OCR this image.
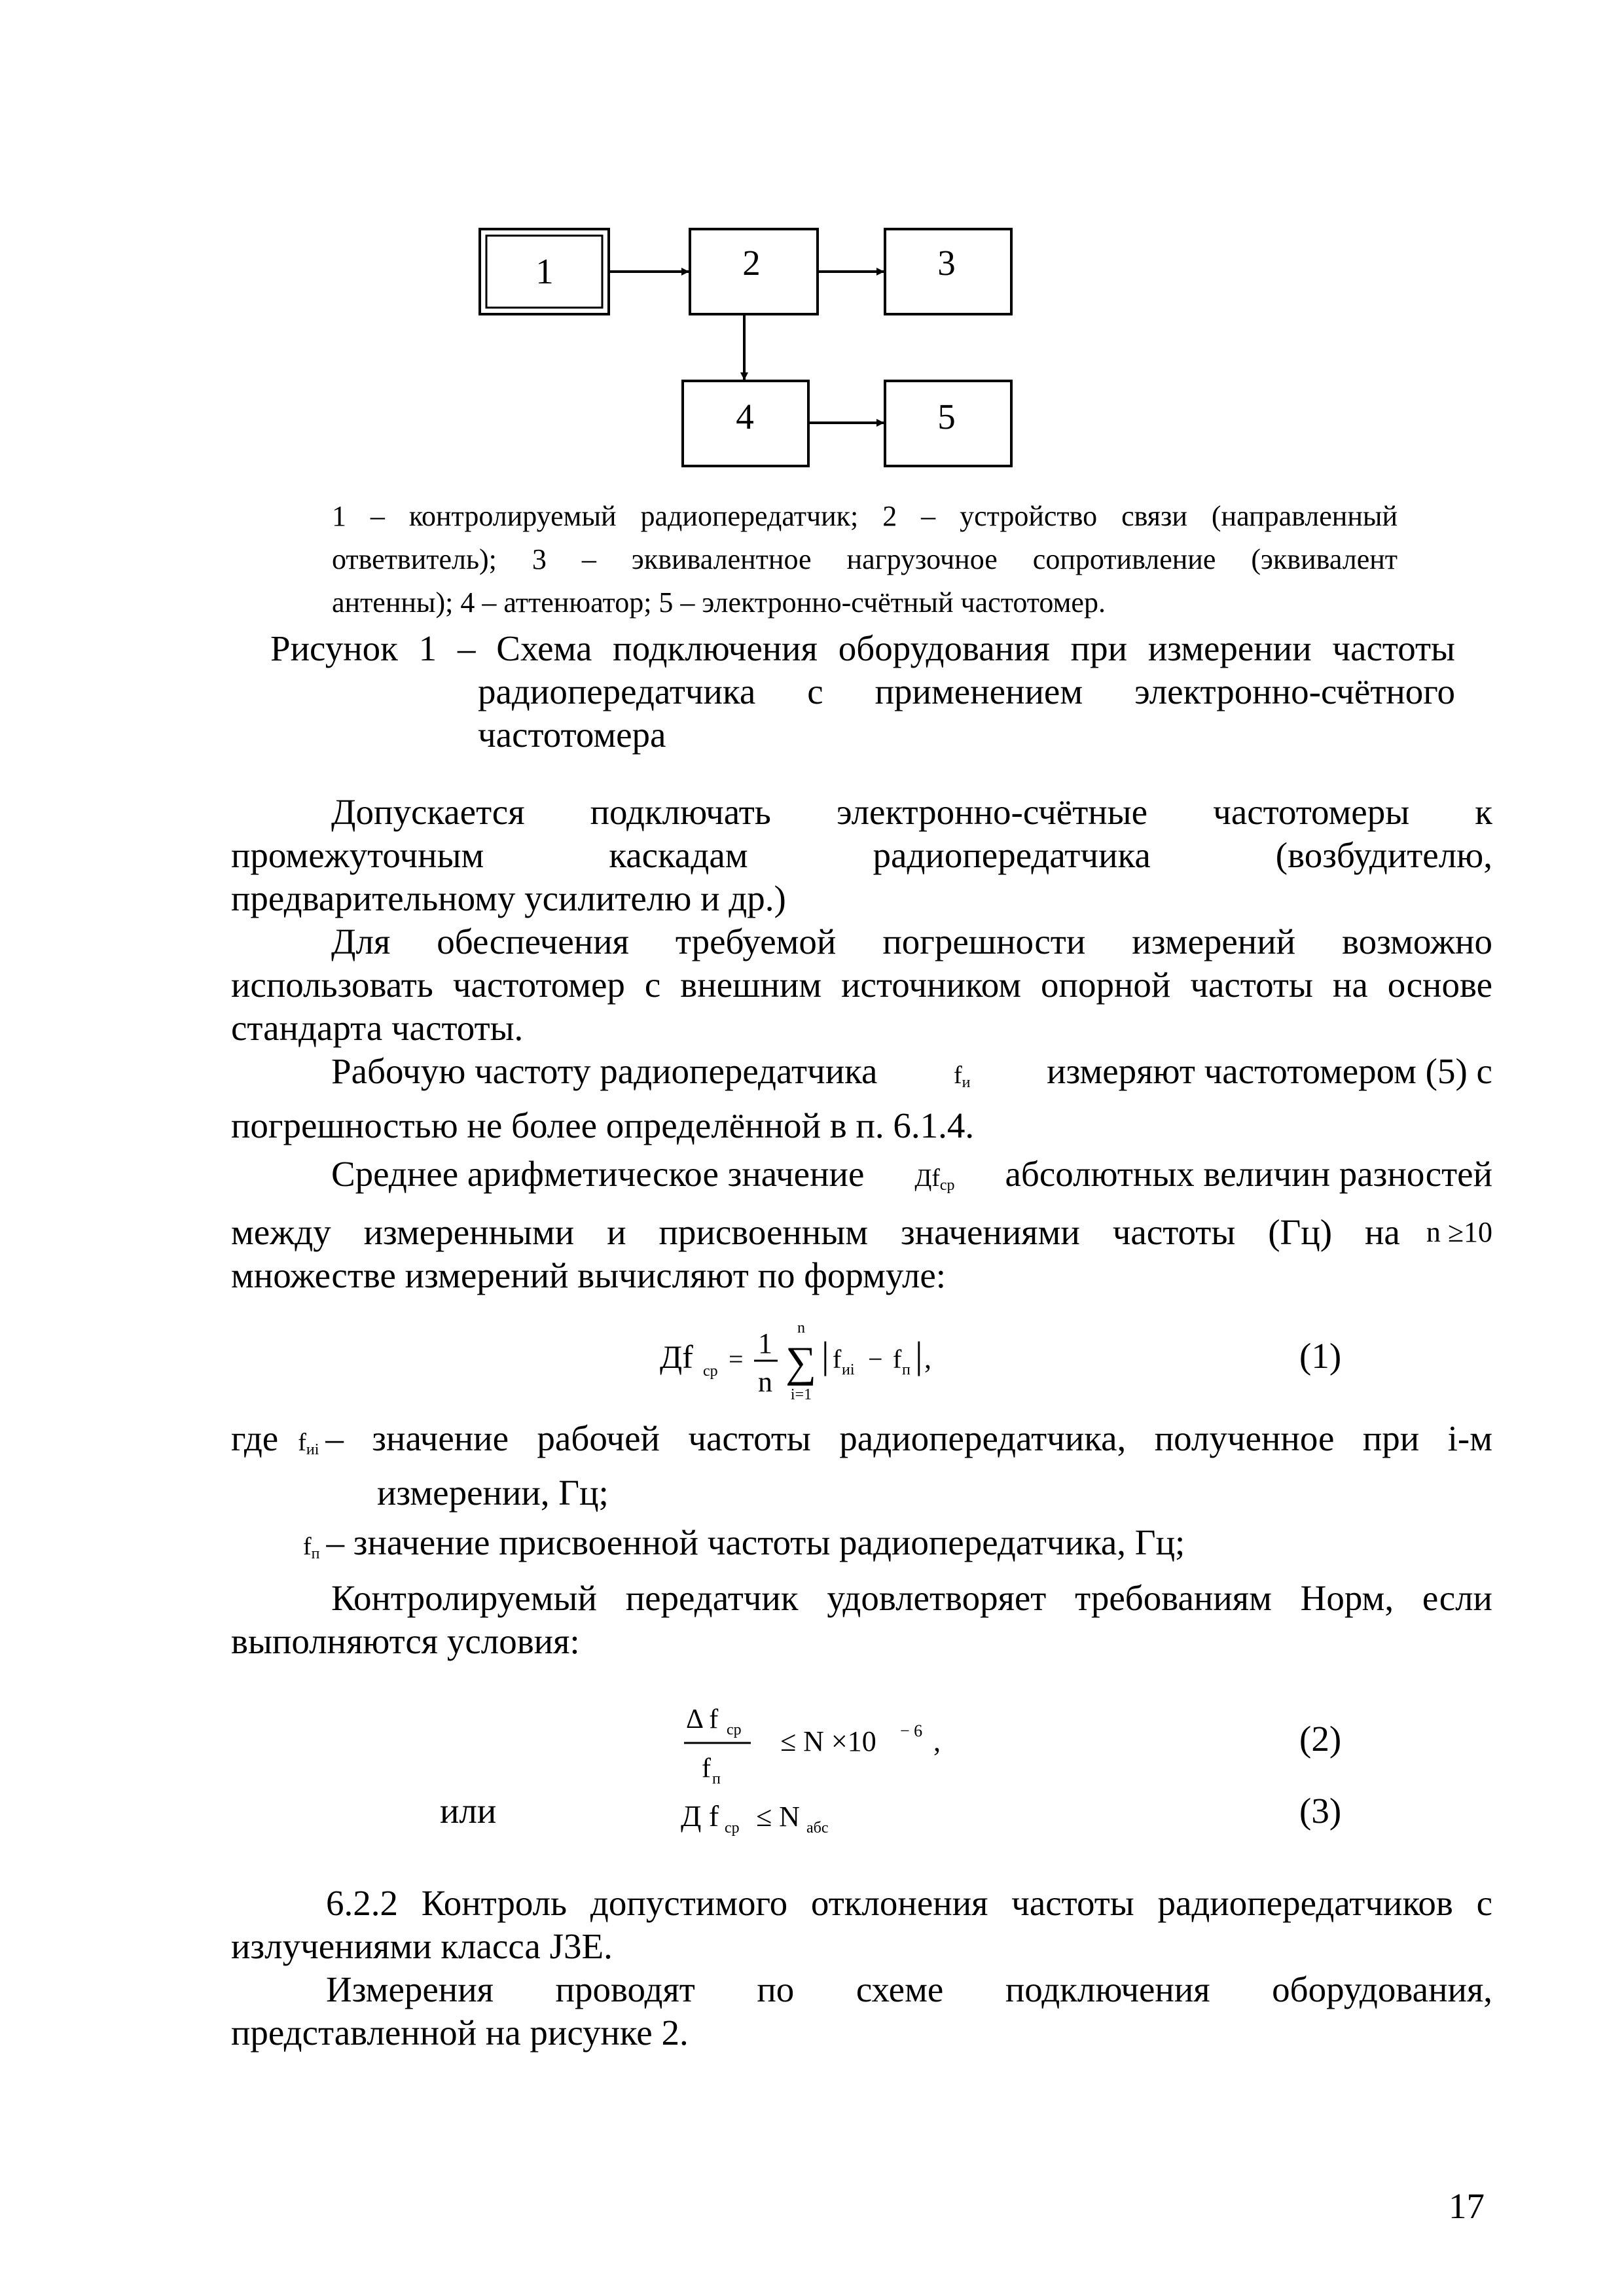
1	2	3
4	5
1 – контролируемый радиопередатчик; 2 – устройство связи (направленный
ответвитель); 3 – эквивалентное нагрузочное сопротивление (эквивалент
антенны); 4 – аттенюатор; 5 – электронно-счётный частотомер.
Рисунок 1 – Схема подключения оборудования при измерении частоты
радиопередатчика с применением электронно-счётного
частотомера
Допускается подключать электронно-счётные частотомеры к
промежуточным каскадам радиопередатчика (возбудителю,
предварительному усилителю и др.)
Для обеспечения требуемой погрешности измерений возможно
использовать частотомер с внешним источником опорной частоты на основе
стандарта частоты.
Рабочую частоту радиопередатчика	fи измеряют частотомером (5) с
погрешностью не более определённой в п. 6.1.4.
Среднее арифметическое значение Дfср абсолютных величин разностей
между измеренными и присвоенным значениями частоты (Гц) на n ≥10
множестве измерений вычисляют по формуле:
Дf ср = 1
n ∑
n
i=1
| f иi − f п | ,	(1)
где fиi – значение рабочей частоты радиопередатчика, полученное при i-м
измерении, Гц;
fп – значение присвоенной частоты радиопередатчика, Гц;
Контролируемый передатчик удовлетворяет требованиям Норм, если
выполняются условия:
Δ f ср
f п
≤ N ×10 − 6 ,	(2)
или	Д f ср ≤ N абс	(3)
6.2.2 Контроль допустимого отклонения частоты радиопередатчиков с
излучениями класса J3E.
Измерения проводят по схеме подключения оборудования,
представленной на рисунке 2.
17
